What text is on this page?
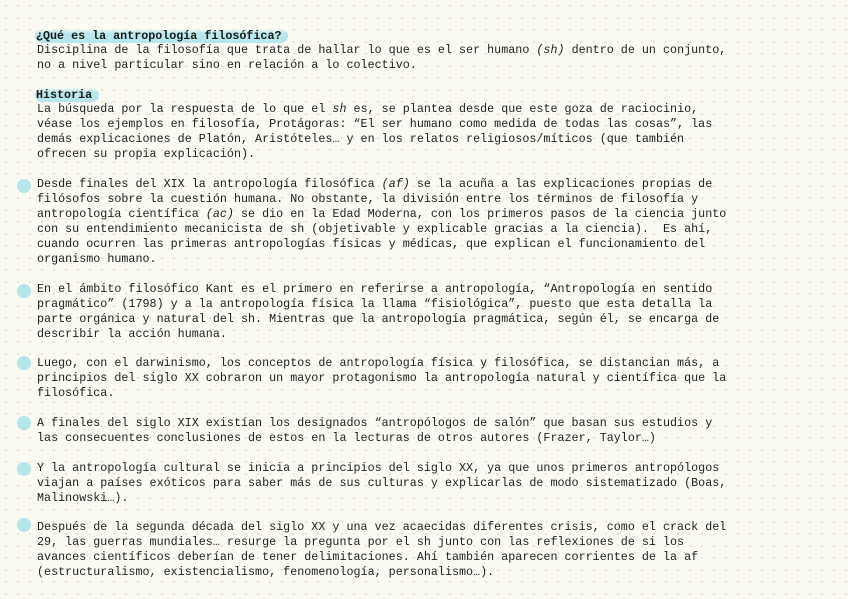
¿Qué es la antropología filosófica?

Disciplina de la filosofía que trata de hallar lo que es el ser humano (sh) dentro de un conjunto,

no a nivel particular sino en relación a lo colectivo.

Historia

La búsqueda por la respuesta de lo que el sh es, se plantea desde que este goza de raciocinio,

véase los ejemplos en filosofía, Protágoras: “El ser humano como medida de todas las cosas”, las

demás explicaciones de Platón, Aristóteles… y en los relatos religiosos/míticos (que también

ofrecen su propia explicación).

Desde finales del XIX la antropología filosófica (af) se la acuña a las explicaciones propias de

filósofos sobre la cuestión humana. No obstante, la división entre los términos de filosofía y

antropología científica (ac) se dio en la Edad Moderna, con los primeros pasos de la ciencia junto

con su entendimiento mecanicista de sh (objetivable y explicable gracias a la ciencia).  Es ahí,

cuando ocurren las primeras antropologías físicas y médicas, que explican el funcionamiento del

organismo humano.

En el ámbito filosófico Kant es el primero en referirse a antropología, “Antropología en sentido

pragmático” (1798) y a la antropología física la llama “fisiológica”, puesto que esta detalla la

parte orgánica y natural del sh. Mientras que la antropología pragmática, según él, se encarga de

describir la acción humana.

Luego, con el darwinismo, los conceptos de antropología física y filosófica, se distancian más, a

principios del siglo XX cobraron un mayor protagonismo la antropología natural y científica que la

filosófica.

A finales del siglo XIX existían los designados “antropólogos de salón” que basan sus estudios y

las consecuentes conclusiones de estos en la lecturas de otros autores (Frazer, Taylor…)

Y la antropología cultural se inicia a principios del siglo XX, ya que unos primeros antropólogos

viajan a países exóticos para saber más de sus culturas y explicarlas de modo sistematizado (Boas,

Malinowski…).

Después de la segunda década del siglo XX y una vez acaecidas diferentes crisis, como el crack del

29, las guerras mundiales… resurge la pregunta por el sh junto con las reflexiones de si los

avances científicos deberían de tener delimitaciones. Ahí también aparecen corrientes de la af

(estructuralismo, existencialismo, fenomenología, personalismo…).
